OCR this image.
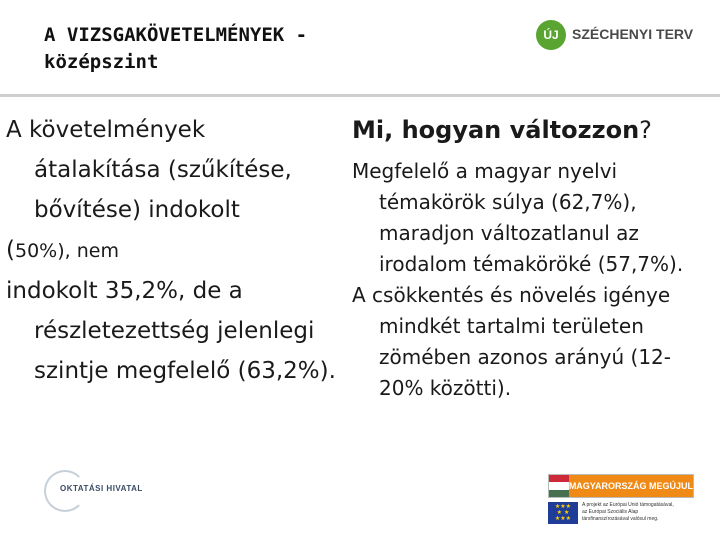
A VIZSGAKÖVETELMÉNYEK -
középszint
ÚJ SZÉCHENYI TERV

A követelmények átalakítása (szűkítése, bővítése) indokolt

(50%), nem

indokolt 35,2%, de a részletezettség jelenlegi szintje megfelelő (63,2%).

Mi, hogyan változzon?

Megfelelő a magyar nyelvi témakörök súlya (62,7%), maradjon változatlanul az irodalom témaköröké (57,7%).

A csökkentés és növelés igénye mindkét tartalmi területen zömében azonos arányú (12-20% közötti).

OKTATÁSI HIVATAL	MAGYARORSZÁG MEGÚJUL
★★★
★ ★
★★★
A projekt az Európai Unió támogatásával,
az Európai Szociális Alap
társfinanszírozásával valósul meg.
